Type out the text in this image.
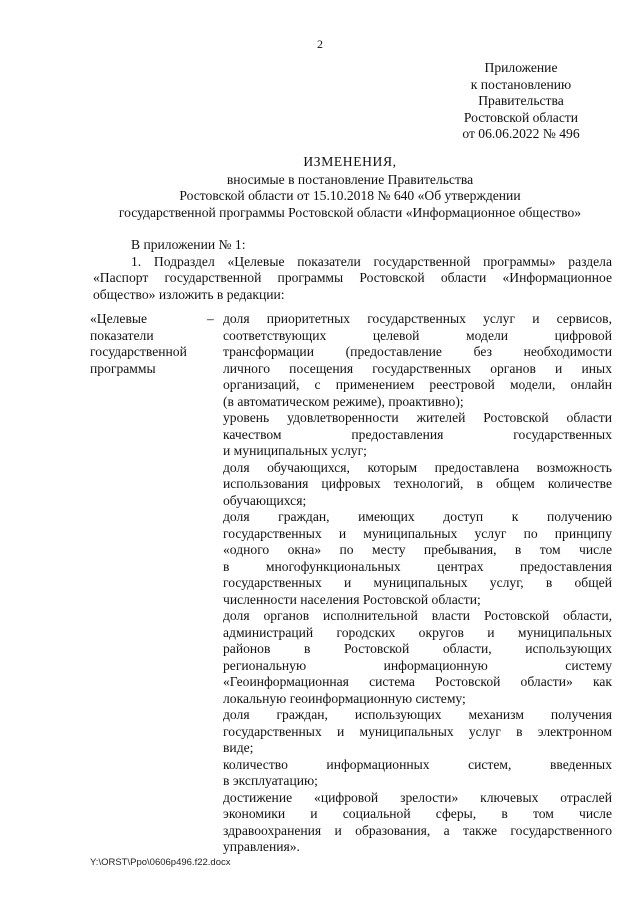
2
Приложение
к постановлению
Правительства
Ростовской области
от 06.06.2022 № 496
ИЗМЕНЕНИЯ,
вносимые в постановление Правительства
Ростовской области от 15.10.2018 № 640 «Об утверждении
государственной программы Ростовской области «Информационное общество»
В приложении № 1:
1. Подраздел «Целевые показатели государственной программы» раздела
«Паспорт государственной программы Ростовской области «Информационное
общество» изложить в редакции:
«Целевые
показатели
государственной
программы
– доля приоритетных государственных услуг и сервисов,
соответствующих целевой модели цифровой
трансформации (предоставление без необходимости
личного посещения государственных органов и иных
организаций, с применением реестровой модели, онлайн
(в автоматическом режиме), проактивно);
уровень удовлетворенности жителей Ростовской области
качеством предоставления государственных
и муниципальных услуг;
доля обучающихся, которым предоставлена возможность
использования цифровых технологий, в общем количестве
обучающихся;
доля граждан, имеющих доступ к получению
государственных и муниципальных услуг по принципу
«одного окна» по месту пребывания, в том числе
в многофункциональных центрах предоставления
государственных и муниципальных услуг, в общей
численности населения Ростовской области;
доля органов исполнительной власти Ростовской области,
администраций городских округов и муниципальных
районов в Ростовской области, использующих
региональную информационную систему
«Геоинформационная система Ростовской области» как
локальную геоинформационную систему;
доля граждан, использующих механизм получения
государственных и муниципальных услуг в электронном
виде;
количество информационных систем, введенных
в эксплуатацию;
достижение «цифровой зрелости» ключевых отраслей
экономики и социальной сферы, в том числе
здравоохранения и образования, а также государственного
управления».
Y:\ORST\Ppo\0606p496.f22.docx
